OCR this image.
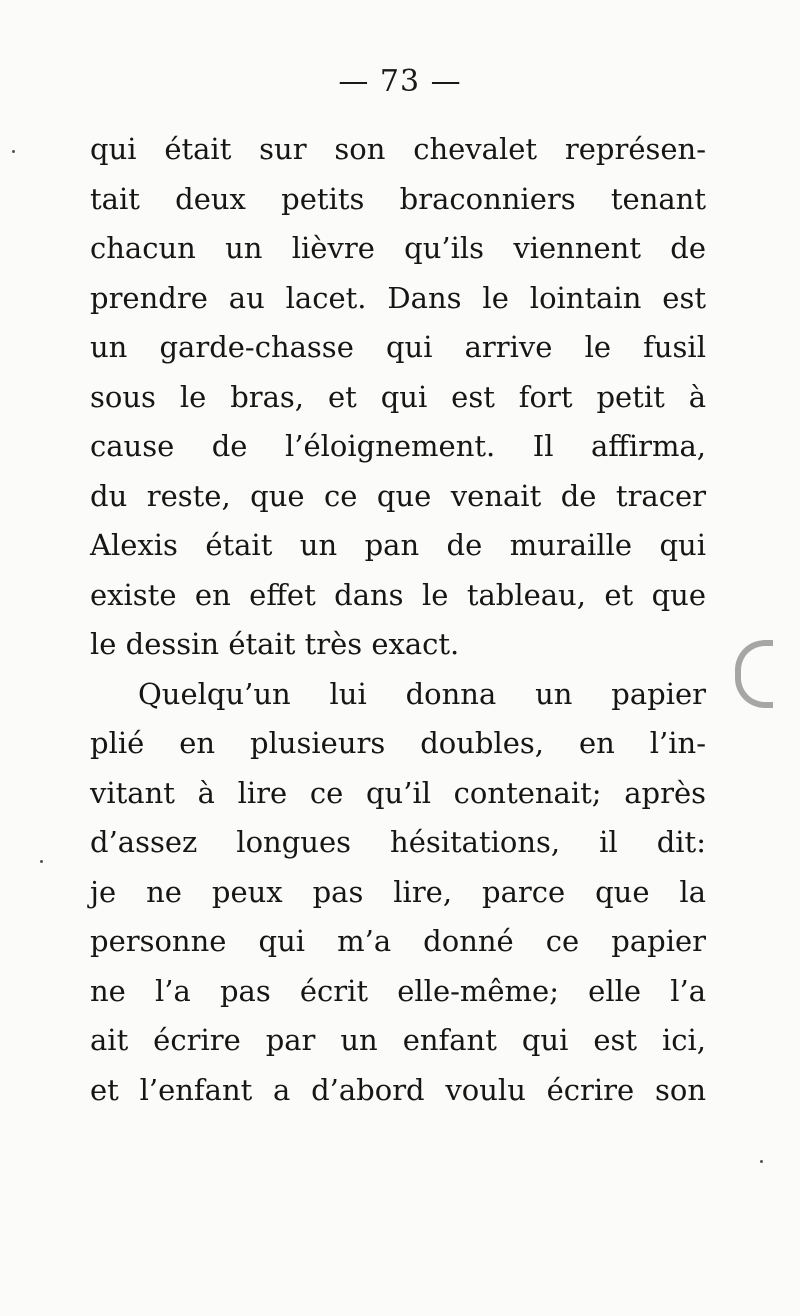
— 73 —
qui était sur son chevalet représen-
tait deux petits braconniers tenant
chacun un lièvre qu’ils viennent de
prendre au lacet. Dans le lointain est
un garde-chasse qui arrive le fusil
sous le bras, et qui est fort petit à
cause de l’éloignement. Il affirma,
du reste, que ce que venait de tracer
Alexis était un pan de muraille qui
existe en effet dans le tableau, et que
le dessin était très exact.
Quelqu’un lui donna un papier
plié en plusieurs doubles, en l’in-
vitant à lire ce qu’il contenait; après
d’assez longues hésitations, il dit:
je ne peux pas lire, parce que la
personne qui m’a donné ce papier
ne l’a pas écrit elle-même; elle l’a
ait écrire par un enfant qui est ici,
et l’enfant a d’abord voulu écrire son
